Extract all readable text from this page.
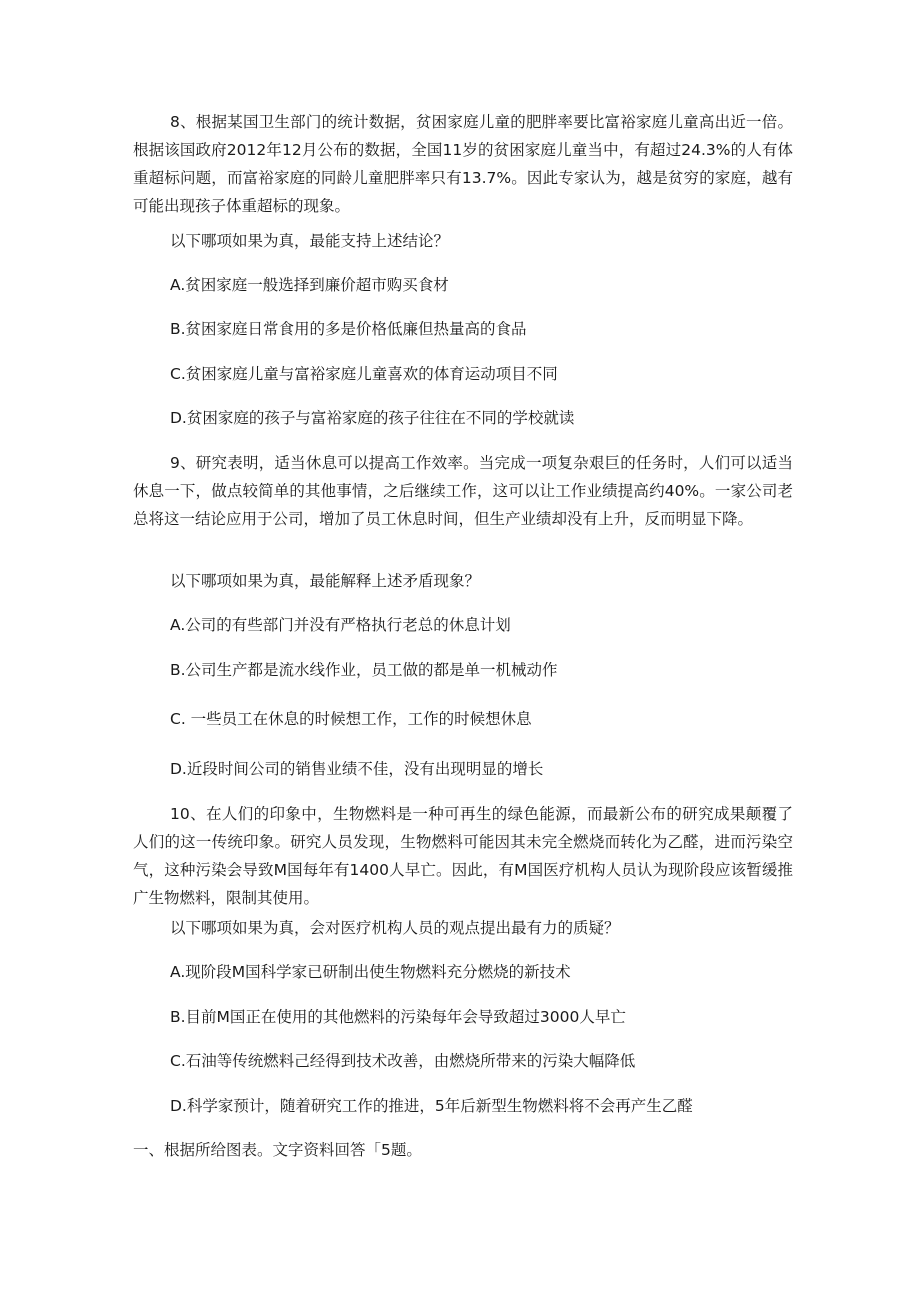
8、根据某国卫生部门的统计数据，贫困家庭儿童的肥胖率要比富裕家庭儿童高出近一倍。根据该国政府2012年12月公布的数据，全国11岁的贫困家庭儿童当中，有超过24.3%的人有体重超标问题，而富裕家庭的同龄儿童肥胖率只有13.7%。因此专家认为，越是贫穷的家庭，越有可能出现孩子体重超标的现象。

以下哪项如果为真，最能支持上述结论？

A.贫困家庭一般选择到廉价超市购买食材

B.贫困家庭日常食用的多是价格低廉但热量高的食品

C.贫困家庭儿童与富裕家庭儿童喜欢的体育运动项目不同

D.贫困家庭的孩子与富裕家庭的孩子往往在不同的学校就读

9、研究表明，适当休息可以提高工作效率。当完成一项复杂艰巨的任务时，人们可以适当休息一下，做点较简单的其他事情，之后继续工作，这可以让工作业绩提高约40%。一家公司老总将这一结论应用于公司，增加了员工休息时间，但生产业绩却没有上升，反而明显下降。

以下哪项如果为真，最能解释上述矛盾现象？

A.公司的有些部门并没有严格执行老总的休息计划

B.公司生产都是流水线作业，员工做的都是单一机械动作

C. 一些员工在休息的时候想工作，工作的时候想休息

D.近段时间公司的销售业绩不佳，没有出现明显的增长

10、在人们的印象中，生物燃料是一种可再生的绿色能源，而最新公布的研究成果颠覆了人们的这一传统印象。研究人员发现，生物燃料可能因其未完全燃烧而转化为乙醛，进而污染空气，这种污染会导致M国每年有1400人早亡。因此，有M国医疗机构人员认为现阶段应该暂缓推广生物燃料，限制其使用。

以下哪项如果为真，会对医疗机构人员的观点提出最有力的质疑？

A.现阶段M国科学家已研制出使生物燃料充分燃烧的新技术

B.目前M国正在使用的其他燃料的污染每年会导致超过3000人早亡

C.石油等传统燃料己经得到技术改善，由燃烧所带来的污染大幅降低

D.科学家预计，随着研究工作的推进，5年后新型生物燃料将不会再产生乙醛

一、根据所给图表。文字资料回答「5题。
